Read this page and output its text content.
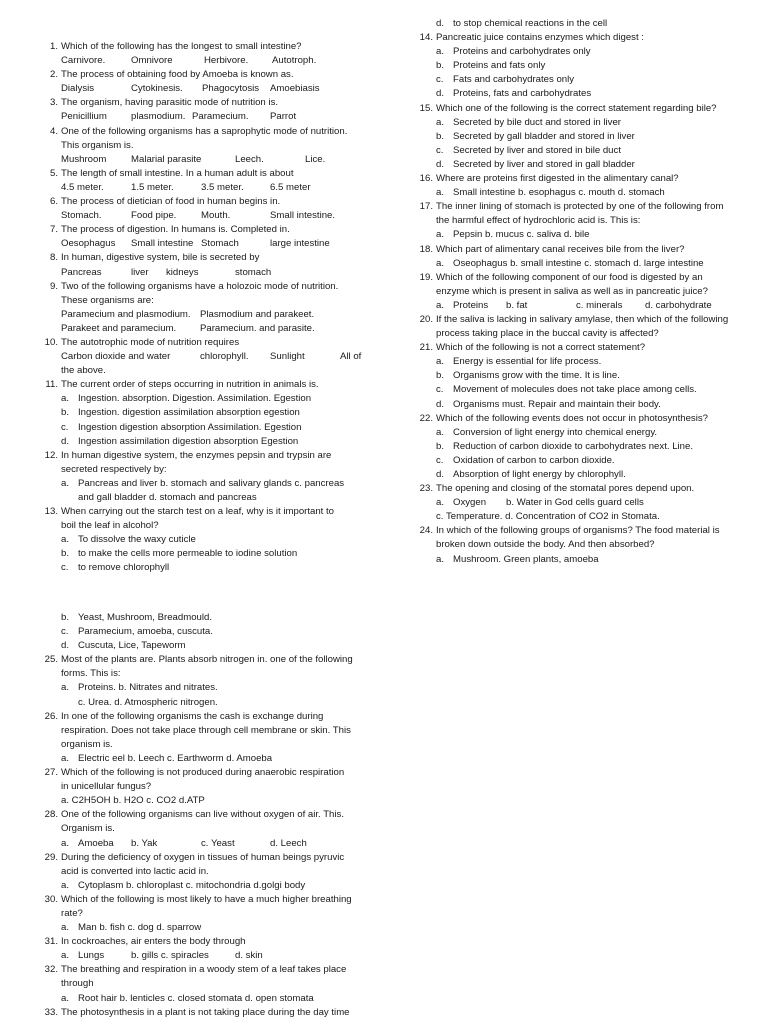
1. Which of the following has the longest to small intestine?
Carnivore.	Omnivore	Herbivore. Autotroph.
2. The process of obtaining food by Amoeba is known as.
Dialysis	Cytokinesis. Phagocytosis Amoebiasis
3. The organism, having parasitic mode of nutrition is.
Penicillium	plasmodium. Paramecium. Parrot
4. One of the following organisms has a saprophytic mode of nutrition.
This organism is.
Mushroom	Malarial parasite	Leech.	Lice.
5. The length of small intestine. In a human adult is about
4.5 meter.	1.5 meter.	3.5 meter.	6.5 meter
6. The process of dietician of food in human begins in.
Stomach.	Food pipe.	Mouth.	Small intestine.
7. The process of digestion. In humans is. Completed in.
Oesophagus Small intestine Stomach	large intestine
8. In human, digestive system, bile is secreted by
Pancreas	liver kidneys	stomach
9. Two of the following organisms have a holozoic mode of nutrition.
These organisms are:
Paramecium and plasmodium. Plasmodium and parakeet.
Parakeet and paramecium. Paramecium. and parasite.
10. The autotrophic mode of nutrition requires
Carbon dioxide and water	chlorophyll. Sunlight	All of
the above.
11. The current order of steps occurring in nutrition in animals is.
a. Ingestion. absorption. Digestion. Assimilation. Egestion
b. Ingestion. digestion assimilation absorption egestion
c. Ingestion digestion absorption Assimilation. Egestion
d. Ingestion assimilation digestion absorption Egestion
12. In human digestive system, the enzymes pepsin and trypsin are
secreted respectively by:
a. Pancreas and liver b. stomach and salivary glands c. pancreas
and gall bladder d. stomach and pancreas
13. When carrying out the starch test on a leaf, why is it important to
boil the leaf in alcohol?
a. To dissolve the waxy cuticle
b. to make the cells more permeable to iodine solution
c. to remove chlorophyll
d. to stop chemical reactions in the cell
14. Pancreatic juice contains enzymes which digest :
a. Proteins and carbohydrates only
b. Proteins and fats only
c. Fats and carbohydrates only
d. Proteins, fats and carbohydrates
15. Which one of the following is the correct statement regarding bile?
a. Secreted by bile duct and stored in liver
b. Secreted by gall bladder and stored in liver
c. Secreted by liver and stored in bile duct
d. Secreted by liver and stored in gall bladder
16. Where are proteins first digested in the alimentary canal?
a. Small intestine b. esophagus c. mouth d. stomach
17. The inner lining of stomach is protected by one of the following from
the harmful effect of hydrochloric acid is. This is:
a. Pepsin b. mucus c. saliva d. bile
18. Which part of alimentary canal receives bile from the liver?
a. Oseophagus b. small intestine c. stomach d. large intestine
19. Which of the following component of our food is digested by an
enzyme which is present in saliva as well as in pancreatic juice?
a. Proteins b. fat	c. minerals d. carbohydrate
20. If the saliva is lacking in salivary amylase, then which of the following
process taking place in the buccal cavity is affected?
21. Which of the following is not a correct statement?
a. Energy is essential for life process.
b. Organisms grow with the time. It is line.
c. Movement of molecules does not take place among cells.
d. Organisms must. Repair and maintain their body.
22. Which of the following events does not occur in photosynthesis?
a. Conversion of light energy into chemical energy.
b. Reduction of carbon dioxide to carbohydrates next. Line.
c. Oxidation of carbon to carbon dioxide.
d. Absorption of light energy by chlorophyll.
23. The opening and closing of the stomatal pores depend upon.
a. Oxygen b. Water in God cells guard cells
c. Temperature. d. Concentration of CO2 in Stomata.
24. In which of the following groups of organisms? The food material is
broken down outside the body. And then absorbed?
a. Mushroom. Green plants, amoeba
b. Yeast, Mushroom, Breadmould.
c. Paramecium, amoeba, cuscuta.
d. Cuscuta, Lice, Tapeworm
25. Most of the plants are. Plants absorb nitrogen in. one of the following
forms. This is:
a. Proteins. b. Nitrates and nitrates.
c. Urea. d. Atmospheric nitrogen.
26. In one of the following organisms the cash is exchange during
respiration. Does not take place through cell membrane or skin. This
organism is.
a. Electric eel b. Leech c. Earthworm d. Amoeba
27. Which of the following is not produced during anaerobic respiration
in unicellular fungus?
a. C2H5OH b. H2O c. CO2 d.ATP
28. One of the following organisms can live without oxygen of air. This.
Organism is.
a. Amoeba b. Yak	c. Yeast	d. Leech
29. During the deficiency of oxygen in tissues of human beings pyruvic
acid is converted into lactic acid in.
a. Cytoplasm b. chloroplast c. mitochondria d.golgi body
30. Which of the following is most likely to have a much higher breathing
rate?
a. Man b. fish c. dog d. sparrow
31. In cockroaches, air enters the body through
a. Lungs	b. gills c. spiracles	d. skin
32. The breathing and respiration in a woody stem of a leaf takes place
through
a. Root hair b. lenticles c. closed stomata d. open stomata
33. The photosynthesis in a plant is not taking place during the day time
